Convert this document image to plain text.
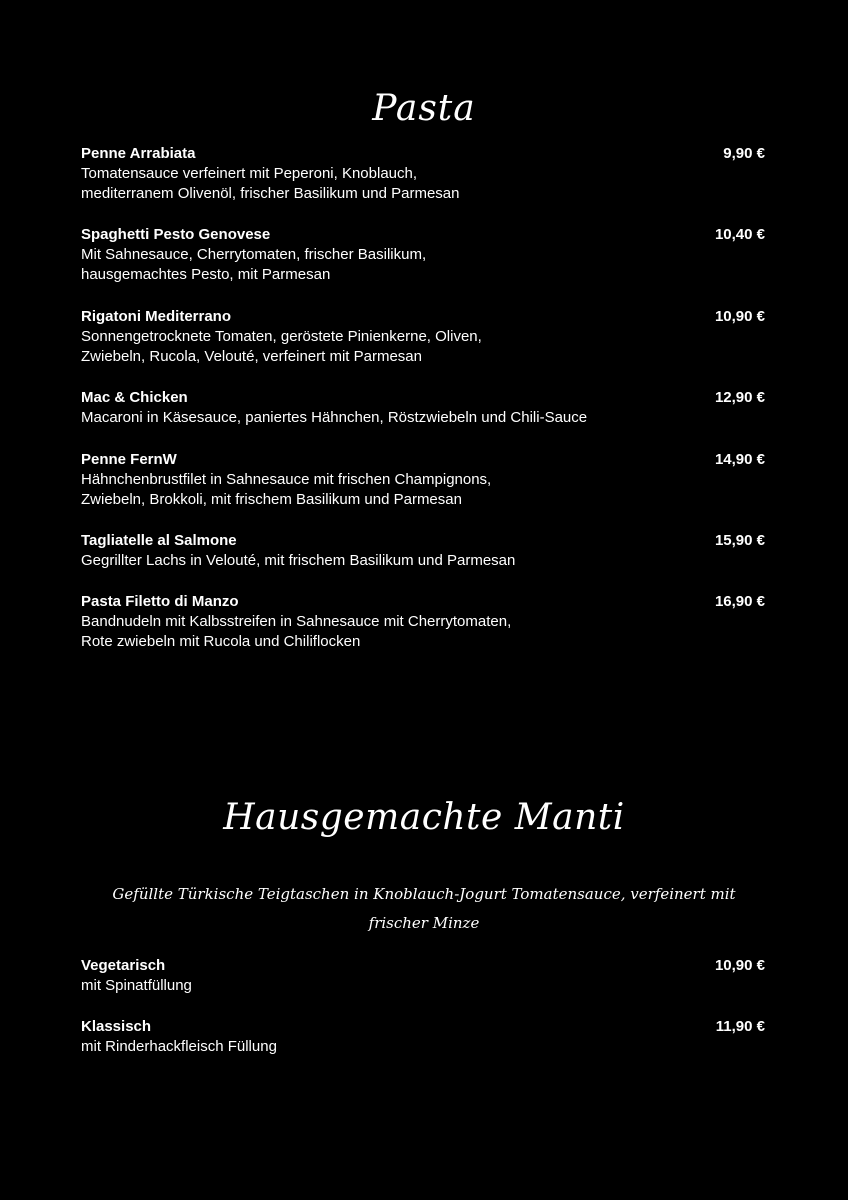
Pasta
Penne Arrabiata	9,90 €
Tomatensauce verfeinert mit Peperoni, Knoblauch,
mediterranem Olivenöl, frischer Basilikum und Parmesan
Spaghetti Pesto Genovese	10,40 €
Mit Sahnesauce, Cherrytomaten, frischer Basilikum,
hausgemachtes Pesto, mit Parmesan
Rigatoni Mediterrano	10,90 €
Sonnengetrocknete Tomaten, geröstete Pinienkerne, Oliven,
Zwiebeln, Rucola, Velouté, verfeinert mit Parmesan
Mac & Chicken	12,90 €
Macaroni in Käsesauce, paniertes Hähnchen, Röstzwiebeln und Chili-Sauce
Penne FernW	14,90 €
Hähnchenbrustfilet in Sahnesauce mit frischen Champignons,
Zwiebeln, Brokkoli, mit frischem Basilikum und Parmesan
Tagliatelle al Salmone	15,90 €
Gegrillter Lachs in Velouté, mit frischem Basilikum und Parmesan
Pasta Filetto di Manzo	16,90 €
Bandnudeln mit Kalbsstreifen in Sahnesauce mit Cherrytomaten,
Rote zwiebeln mit Rucola und Chiliflocken
Hausgemachte Manti

Gefüllte Türkische Teigtaschen in Knoblauch-Jogurt Tomatensauce, verfeinert mit frischer Minze

Vegetarisch	10,90 €
mit Spinatfüllung
Klassisch	11,90 €
mit Rinderhackfleisch Füllung
